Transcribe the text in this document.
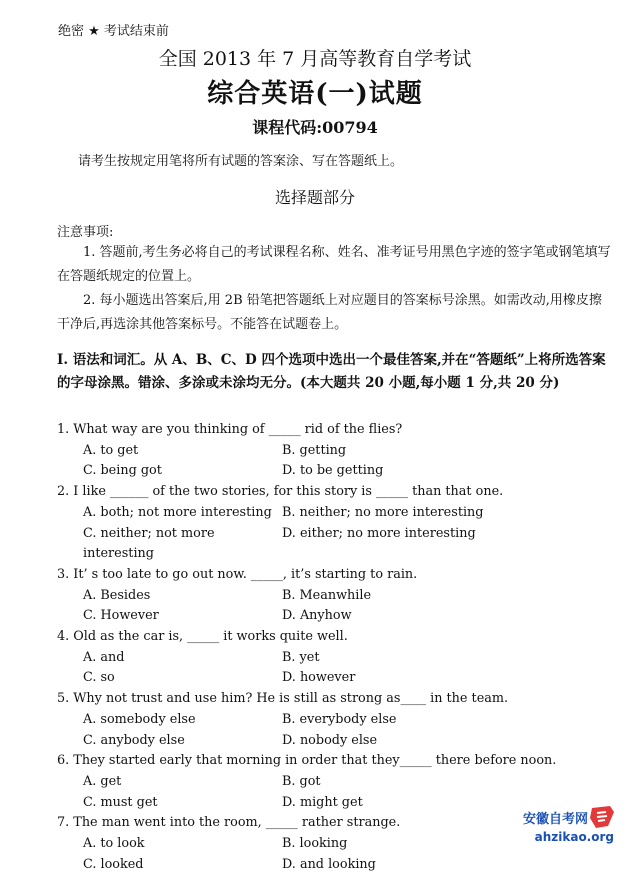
绝密 ★ 考试结束前
全国 2013 年 7 月高等教育自学考试
综合英语(一)试题
课程代码:00794
请考生按规定用笔将所有试题的答案涂、写在答题纸上。
选择题部分
注意事项:
1. 答题前,考生务必将自己的考试课程名称、姓名、准考证号用黑色字迹的签字笔或钢笔填写在答题纸规定的位置上。
2. 每小题选出答案后,用 2B 铅笔把答题纸上对应题目的答案标号涂黑。如需改动,用橡皮擦干净后,再选涂其他答案标号。不能答在试题卷上。
Ⅰ. 语法和词汇。从 A、B、C、D 四个选项中选出一个最佳答案,并在“答题纸”上将所选答案的字母涂黑。错涂、多涂或未涂均无分。(本大题共 20 小题,每小题 1 分,共 20 分)
1. What way are you thinking of _____ rid of the flies?
A. to get	B. getting
C. being got	D. to be getting
2. I like ______ of the two stories, for this story is _____ than that one.
A. both; not more interesting B. neither; no more interesting
C. neither; not more interesting
D. either; no more interesting
3. It’ s too late to go out now. _____, it’s starting to rain.
A. Besides	B. Meanwhile
C. However	D. Anyhow
4. Old as the car is, _____ it works quite well.
A. and	B. yet
C. so	D. however
5. Why not trust and use him? He is still as strong as____ in the team.
A. somebody else	B. everybody else
C. anybody else	D. nobody else
6. They started early that morning in order that they_____ there before noon.
A. get	B. got
C. must get	D. might get
7. The man went into the room, _____ rather strange.
A. to look	B. looking
C. looked	D. and looking
安徽自考网
ahzikao.org
